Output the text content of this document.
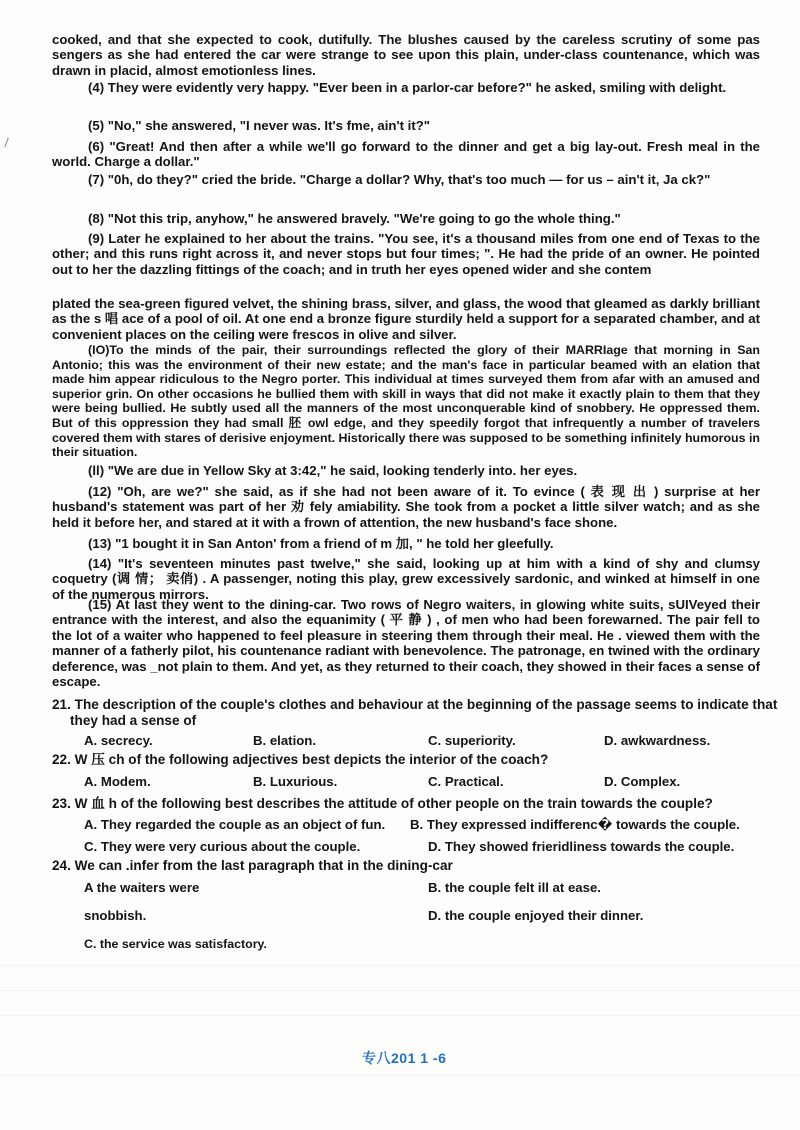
cooked, and that she expected to cook, dutifully. The blushes caused by the careless scrutiny of some pas sengers as she had entered the car were strange to see upon this plain, under-class countenance, which was drawn in placid, almost emotionless lines.

(4) They were evidently very happy. "Ever been in a parlor-car before?" he asked, smiling with delight.

(5) "No," she answered, "I never was. It's fme, ain't it?"

(6) "Great! And then after a while we'll go forward to the dinner and get a big lay-out. Fresh meal in the world. Charge a dollar."

(7) "0h, do they?" cried the bride. "Charge a dollar? Why, that's too much — for us – ain't it, Ja ck?"

(8) "Not this trip, anyhow," he answered bravely. "We're going to go the whole thing."

(9) Later he explained to her about the trains. "You see, it's a thousand miles from one end of Texas to the other; and this runs right across it, and never stops but four times; ". He had the pride of an owner. He pointed out to her the dazzling fittings of the coach; and in truth her eyes opened wider and she contem

plated the sea-green figured velvet, the shining brass, silver, and glass, the wood that gleamed as darkly brilliant as the s 唱 ace of a pool of oil. At one end a bronze figure sturdily held a support for a separated chamber, and at convenient places on the ceiling were frescos in olive and silver.

(IO)To the minds of the pair, their surroundings reflected the glory of their MARRIage that morning in San Antonio; this was the environment of their new estate; and the man's face in particular beamed with an elation that made him appear ridiculous to the Negro porter. This individual at times surveyed them from afar with an amused and superior grin. On other occasions he bullied them with skill in ways that did not make it exactly plain to them that they were being bullied. He subtly used all the manners of the most unconquerable kind of snobbery. He oppressed them. But of this oppression they had small 胚 owl edge, and they speedily forgot that infrequently a number of travelers covered them with stares of derisive enjoyment. Historically there was supposed to be something infinitely humorous in their situation.

(ll) "We are due in Yellow Sky at 3:42," he said, looking tenderly into. her eyes.

(12) "Oh, are we?" she said, as if she had not been aware of it. To evince ( 表 现 出 ) surprise at her husband's statement was part of her 劝 fely amiability. She took from a pocket a little silver watch; and as she held it before her, and stared at it with a frown of attention, the new husband's face shone.

(13) "1 bought it in San Anton' from a friend of m 加, " he told her gleefully.

(14) "It's seventeen minutes past twelve," she said, looking up at him with a kind of shy and clumsy coquetry (调 情； 卖俏) . A passenger, noting this play, grew excessively sardonic, and winked at himself in one of the numerous mirrors.

(15) At last they went to the dining-car. Two rows of Negro waiters, in glowing white suits, sUIVeyed their entrance with the interest, and also the equanimity ( 平 静 ) , of men who had been forewarned. The pair fell to the lot of a waiter who happened to feel pleasure in steering them through their meal. He . viewed them with the manner of a fatherly pilot, his countenance radiant with benevolence. The patronage, en twined with the ordinary deference, was _not plain to them. And yet, as they returned to their coach, they showed in their faces a sense of escape.

21. The description of the couple's clothes and behaviour at the beginning of the passage seems to indicate that they had a sense of

A. secrecy.	B. elation.	C. superiority.	D. awkwardness.

22. W 压 ch of the following adjectives best depicts the interior of the coach?

A. Modem.	B. Luxurious.	C. Practical.	D. Complex.

23. W 血 h of the following best describes the attitude of other people on the train towards the couple?

A. They regarded the couple as an object of fun. B. They expressed indifferenc� towards the couple.
C. They were very curious about the couple.	D. They showed frieridliness towards the couple.

24. We can .infer from the last paragraph that in the dining-car

A the waiters were	B. the couple felt ill at ease.
snobbish.	D. the couple enjoyed their dinner.
C. the service was satisfactory.
专八201 1 -6
